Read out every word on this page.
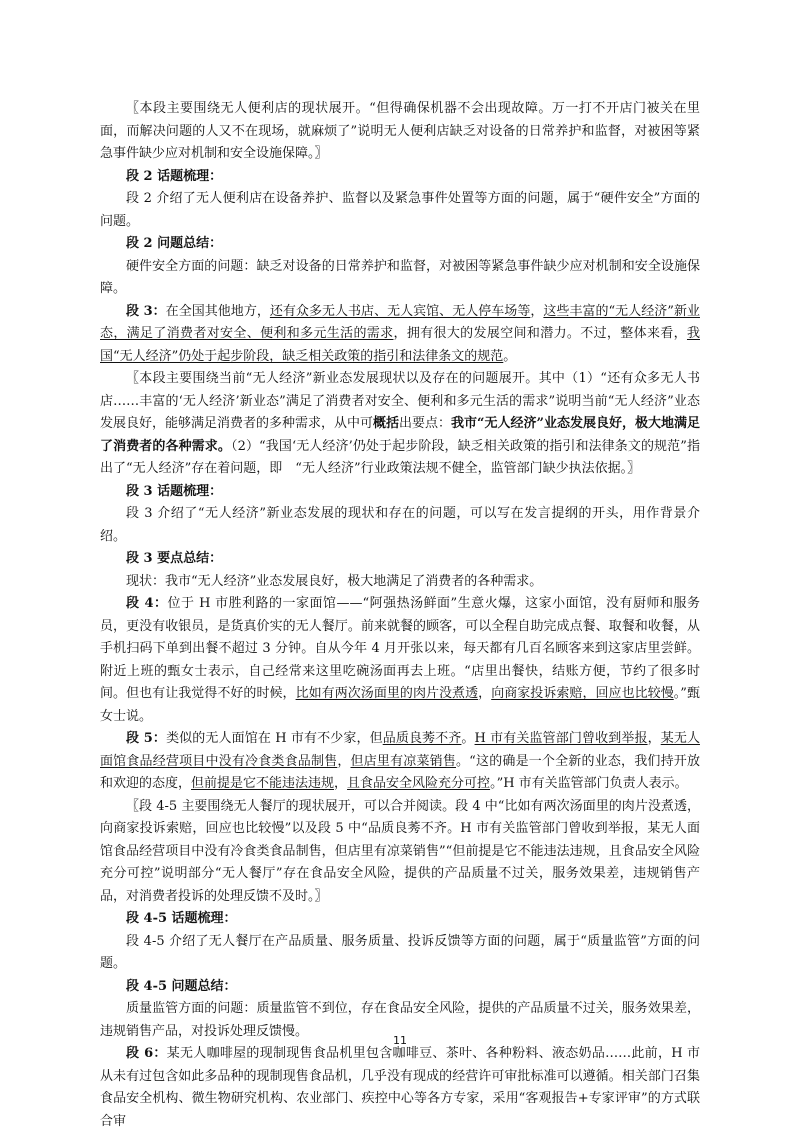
〖本段主要围绕无人便利店的现状展开。“但得确保机器不会出现故障。万一打不开店门被关在里面，而解决问题的人又不在现场，就麻烦了”说明无人便利店缺乏对设备的日常养护和监督，对被困等紧急事件缺少应对机制和安全设施保障。〗

段 2 话题梳理：

段 2 介绍了无人便利店在设备养护、监督以及紧急事件处置等方面的问题，属于“硬件安全”方面的问题。

段 2 问题总结：

硬件安全方面的问题：缺乏对设备的日常养护和监督，对被困等紧急事件缺少应对机制和安全设施保障。

段 3：在全国其他地方，还有众多无人书店、无人宾馆、无人停车场等，这些丰富的“无人经济”新业态，满足了消费者对安全、便利和多元生活的需求，拥有很大的发展空间和潜力。不过，整体来看，我国“无人经济”仍处于起步阶段，缺乏相关政策的指引和法律条文的规范。

〖本段主要围绕当前“无人经济”新业态发展现状以及存在的问题展开。其中（1）“还有众多无人书店……丰富的‘无人经济’新业态”满足了消费者对安全、便利和多元生活的需求”说明当前“无人经济”业态发展良好，能够满足消费者的多种需求，从中可概括出要点：我市“无人经济”业态发展良好，极大地满足了消费者的各种需求。（2）“我国‘无人经济’仍处于起步阶段，缺乏相关政策的指引和法律条文的规范”指出了“无人经济”存在着问题，即　“无人经济”行业政策法规不健全，监管部门缺少执法依据。〗

段 3 话题梳理：

段 3 介绍了“无人经济”新业态发展的现状和存在的问题，可以写在发言提纲的开头，用作背景介绍。

段 3 要点总结：

现状：我市“无人经济”业态发展良好，极大地满足了消费者的各种需求。

段 4：位于 H 市胜利路的一家面馆——“阿强热汤鲜面”生意火爆，这家小面馆，没有厨师和服务员，更没有收银员，是货真价实的无人餐厅。前来就餐的顾客，可以全程自助完成点餐、取餐和收餐，从手机扫码下单到出餐不超过 3 分钟。自从今年 4 月开张以来，每天都有几百名顾客来到这家店里尝鲜。附近上班的甄女士表示，自己经常来这里吃碗汤面再去上班。“店里出餐快，结账方便，节约了很多时间。但也有让我觉得不好的时候，比如有两次汤面里的肉片没煮透，向商家投诉索赔，回应也比较慢。”甄女士说。

段 5：类似的无人面馆在 H 市有不少家，但品质良莠不齐。H 市有关监管部门曾收到举报，某无人面馆食品经营项目中没有冷食类食品制售，但店里有凉菜销售。“这的确是一个全新的业态，我们持开放和欢迎的态度，但前提是它不能违法违规，且食品安全风险充分可控。”H 市有关监管部门负责人表示。

〖段 4-5 主要围绕无人餐厅的现状展开，可以合并阅读。段 4 中“比如有两次汤面里的肉片没煮透，向商家投诉索赔，回应也比较慢”以及段 5 中“品质良莠不齐。H 市有关监管部门曾收到举报，某无人面馆食品经营项目中没有冷食类食品制售，但店里有凉菜销售”“但前提是它不能违法违规，且食品安全风险充分可控”说明部分“无人餐厅”存在食品安全风险，提供的产品质量不过关，服务效果差，违规销售产品，对消费者投诉的处理反馈不及时。〗

段 4-5 话题梳理：

段 4-5 介绍了无人餐厅在产品质量、服务质量、投诉反馈等方面的问题，属于“质量监管”方面的问题。

段 4-5 问题总结：

质量监管方面的问题：质量监管不到位，存在食品安全风险，提供的产品质量不过关，服务效果差，违规销售产品，对投诉处理反馈慢。

段 6：某无人咖啡屋的现制现售食品机里包含咖啡豆、茶叶、各种粉料、液态奶品……此前，H 市从未有过包含如此多品种的现制现售食品机，几乎没有现成的经营许可审批标准可以遵循。相关部门召集食品安全机构、微生物研究机构、农业部门、疾控中心等各方专家，采用“客观报告+专家评审”的方式联合审

11
